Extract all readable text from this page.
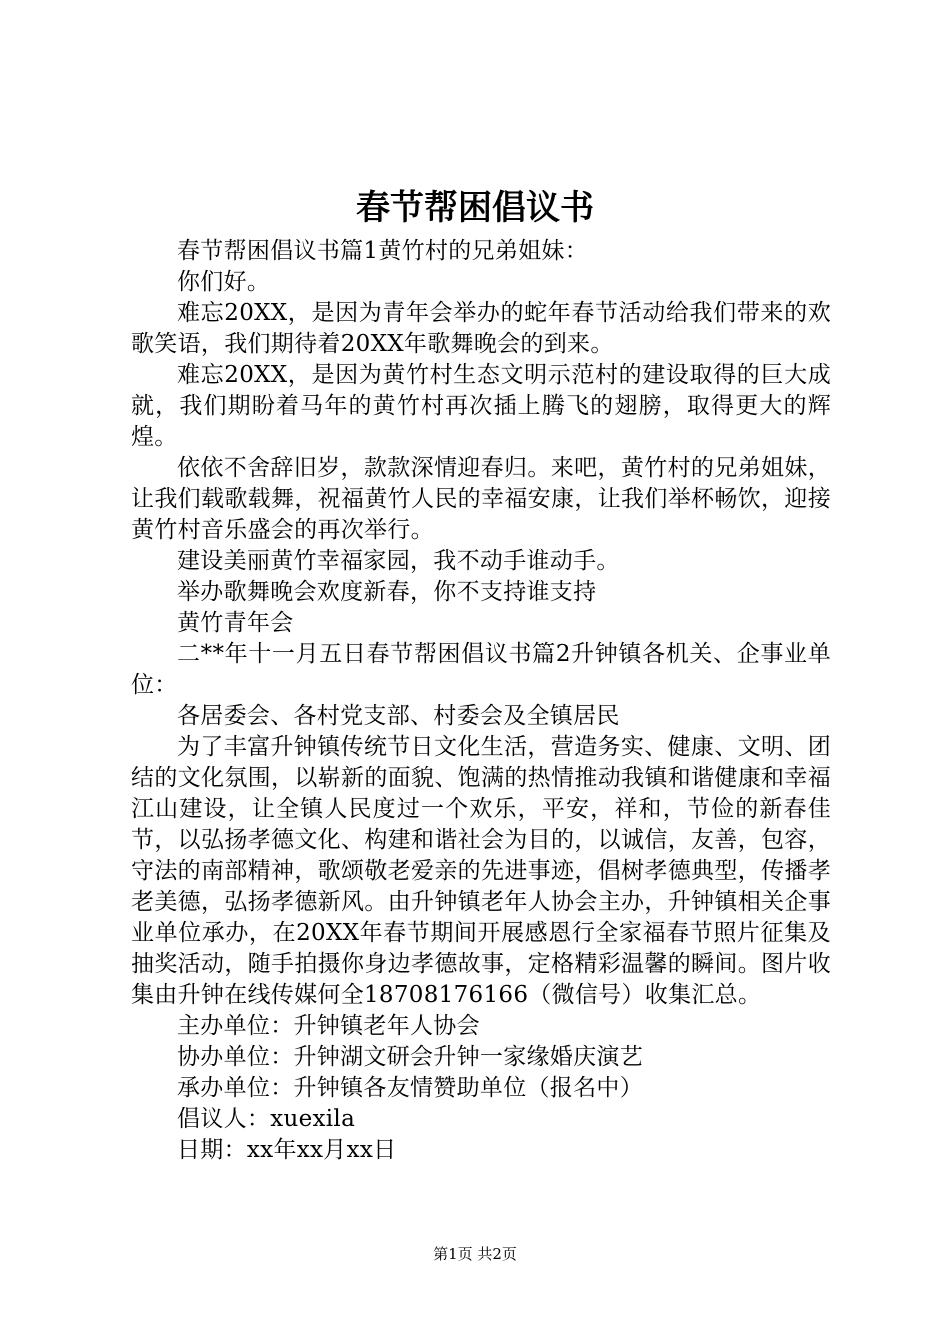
春节帮困倡议书

春节帮困倡议书篇1黄竹村的兄弟姐妹：

你们好。

难忘20XX，是因为青年会举办的蛇年春节活动给我们带来的欢歌笑语，我们期待着20XX年歌舞晚会的到来。

难忘20XX，是因为黄竹村生态文明示范村的建设取得的巨大成就，我们期盼着马年的黄竹村再次插上腾飞的翅膀，取得更大的辉煌。

依依不舍辞旧岁，款款深情迎春归。来吧，黄竹村的兄弟姐妹，让我们载歌载舞，祝福黄竹人民的幸福安康，让我们举杯畅饮，迎接黄竹村音乐盛会的再次举行。

建设美丽黄竹幸福家园，我不动手谁动手。

举办歌舞晚会欢度新春，你不支持谁支持

黄竹青年会

二**年十一月五日春节帮困倡议书篇2升钟镇各机关、企事业单位：

各居委会、各村党支部、村委会及全镇居民

为了丰富升钟镇传统节日文化生活，营造务实、健康、文明、团结的文化氛围，以崭新的面貌、饱满的热情推动我镇和谐健康和幸福江山建设，让全镇人民度过一个欢乐，平安，祥和，节俭的新春佳节，以弘扬孝德文化、构建和谐社会为目的，以诚信，友善，包容，守法的南部精神，歌颂敬老爱亲的先进事迹，倡树孝德典型，传播孝老美德，弘扬孝德新风。由升钟镇老年人协会主办，升钟镇相关企事业单位承办，在20XX年春节期间开展感恩行全家福春节照片征集及抽奖活动，随手拍摄你身边孝德故事，定格精彩温馨的瞬间。图片收集由升钟在线传媒何全18708176166（微信号）收集汇总。

主办单位：升钟镇老年人协会

协办单位：升钟湖文研会升钟一家缘婚庆演艺

承办单位：升钟镇各友情赞助单位（报名中）

倡议人：xuexila

日期：xx年xx月xx日

第1页 共2页
